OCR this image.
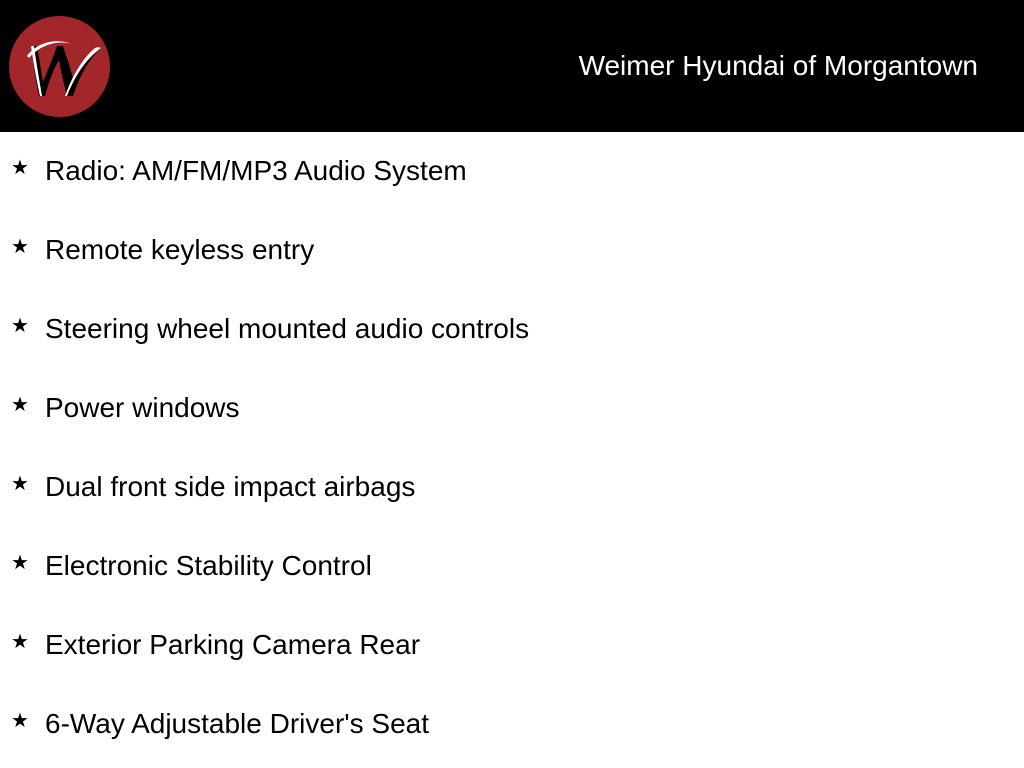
Weimer Hyundai of Morgantown
★ Radio: AM/FM/MP3 Audio System
★ Remote keyless entry
★ Steering wheel mounted audio controls
★ Power windows
★ Dual front side impact airbags
★ Electronic Stability Control
★ Exterior Parking Camera Rear
★ 6-Way Adjustable Driver's Seat
